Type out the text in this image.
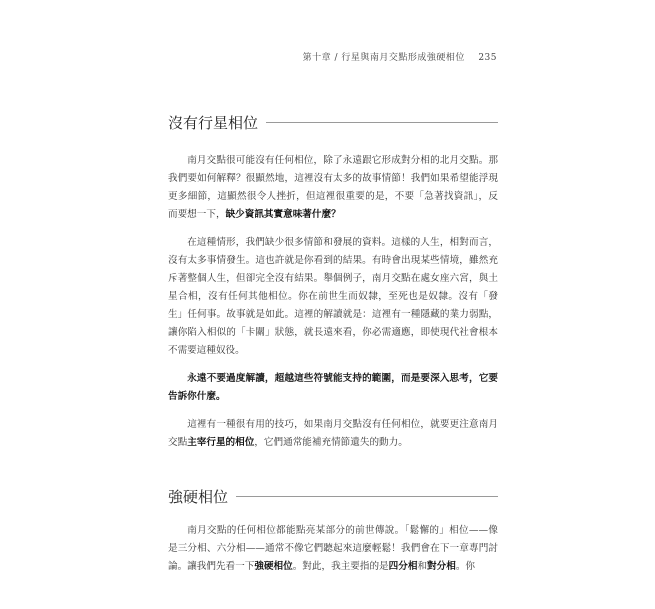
第十章 / 行星與南月交點形成強硬相位 235
沒有行星相位

南月交點很可能沒有任何相位，除了永遠跟它形成對分相的北月交點。那我們要如何解釋？很顯然地，這裡沒有太多的故事情節！我們如果希望能浮現更多細節，這顯然很令人挫折，但這裡很重要的是，不要「急著找資訊」，反而要想一下，缺少資訊其實意味著什麼？

在這種情形，我們缺少很多情節和發展的資料。這樣的人生，相對而言，沒有太多事情發生。這也許就是你看到的結果。有時會出現某些情境，雖然充斥著整個人生，但卻完全沒有結果。舉個例子，南月交點在處女座六宮，與土星合相，沒有任何其他相位。你在前世生而奴隸，至死也是奴隸。沒有「發生」任何事。故事就是如此。這裡的解讀就是：這裡有一種隱藏的業力弱點，讓你陷入相似的「卡關」狀態，就長遠來看，你必需適應，即使現代社會根本不需要這種奴役。

永遠不要過度解讀，超越這些符號能支持的範圍，而是要深入思考，它要告訴你什麼。

這裡有一種很有用的技巧，如果南月交點沒有任何相位，就要更注意南月交點主宰行星的相位，它們通常能補充情節遺失的動力。

強硬相位

南月交點的任何相位都能點亮某部分的前世傳說。「鬆懈的」相位——像是三分相、六分相——通常不像它們聽起來這麼輕鬆！我們會在下一章專門討論。讓我們先看一下強硬相位。對此，我主要指的是四分相和對分相。你
